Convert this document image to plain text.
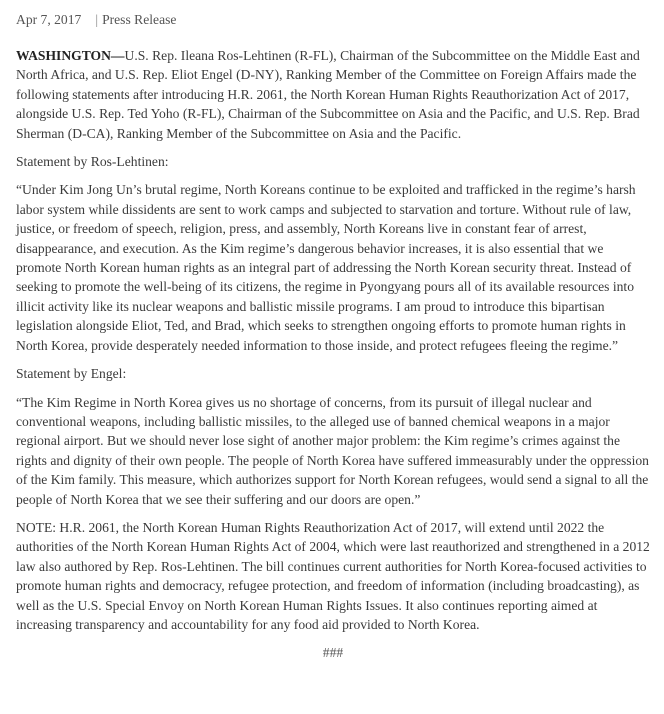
Apr 7, 2017 | Press Release

WASHINGTON—U.S. Rep. Ileana Ros-Lehtinen (R-FL), Chairman of the Subcommittee on the Middle East and North Africa, and U.S. Rep. Eliot Engel (D-NY), Ranking Member of the Committee on Foreign Affairs made the following statements after introducing H.R. 2061, the North Korean Human Rights Reauthorization Act of 2017, alongside U.S. Rep. Ted Yoho (R-FL), Chairman of the Subcommittee on Asia and the Pacific, and U.S. Rep. Brad Sherman (D-CA), Ranking Member of the Subcommittee on Asia and the Pacific.

Statement by Ros-Lehtinen:

“Under Kim Jong Un’s brutal regime, North Koreans continue to be exploited and trafficked in the regime’s harsh labor system while dissidents are sent to work camps and subjected to starvation and torture. Without rule of law, justice, or freedom of speech, religion, press, and assembly, North Koreans live in constant fear of arrest, disappearance, and execution. As the Kim regime’s dangerous behavior increases, it is also essential that we promote North Korean human rights as an integral part of addressing the North Korean security threat. Instead of seeking to promote the well-being of its citizens, the regime in Pyongyang pours all of its available resources into illicit activity like its nuclear weapons and ballistic missile programs. I am proud to introduce this bipartisan legislation alongside Eliot, Ted, and Brad, which seeks to strengthen ongoing efforts to promote human rights in North Korea, provide desperately needed information to those inside, and protect refugees fleeing the regime.”

Statement by Engel:

“The Kim Regime in North Korea gives us no shortage of concerns, from its pursuit of illegal nuclear and conventional weapons, including ballistic missiles, to the alleged use of banned chemical weapons in a major regional airport. But we should never lose sight of another major problem: the Kim regime’s crimes against the rights and dignity of their own people. The people of North Korea have suffered immeasurably under the oppression of the Kim family. This measure, which authorizes support for North Korean refugees, would send a signal to all the people of North Korea that we see their suffering and our doors are open.”

NOTE: H.R. 2061, the North Korean Human Rights Reauthorization Act of 2017, will extend until 2022 the authorities of the North Korean Human Rights Act of 2004, which were last reauthorized and strengthened in a 2012 law also authored by Rep. Ros-Lehtinen. The bill continues current authorities for North Korea-focused activities to promote human rights and democracy, refugee protection, and freedom of information (including broadcasting), as well as the U.S. Special Envoy on North Korean Human Rights Issues. It also continues reporting aimed at increasing transparency and accountability for any food aid provided to North Korea.

###
